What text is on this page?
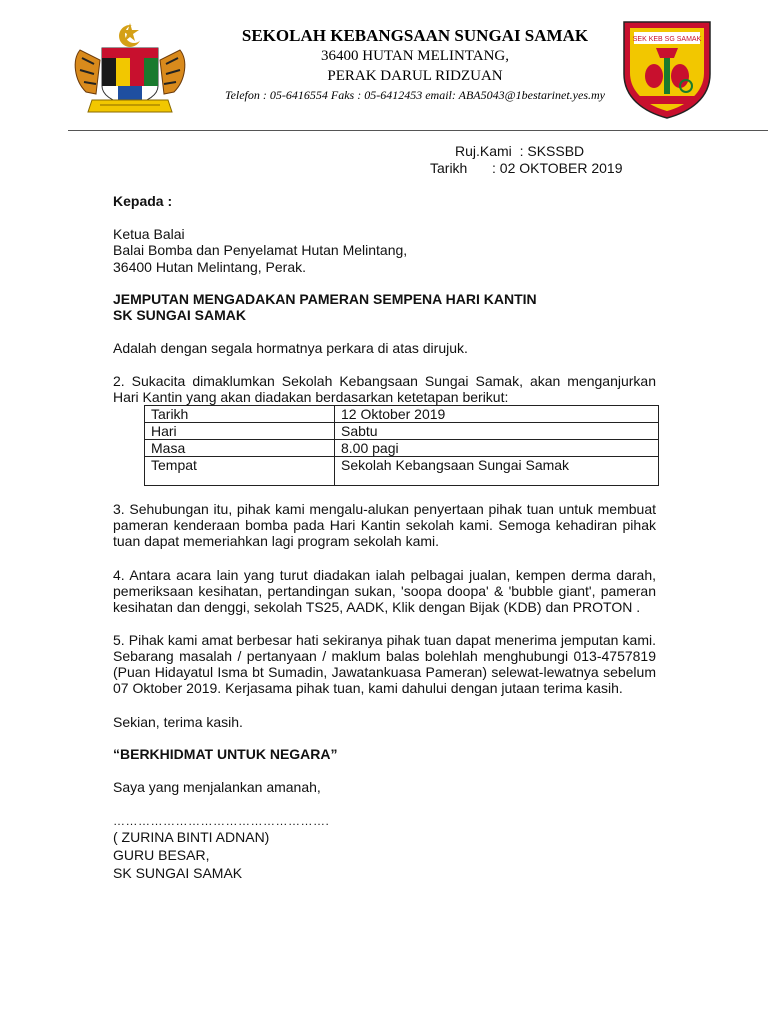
SEKOLAH KEBANGSAAN SUNGAI SAMAK
36400 HUTAN MELINTANG,
PERAK DARUL RIDZUAN
Telefon : 05-6416554 Faks : 05-6412453 email: ABA5043@1bestarinet.yes.my
SEK KEB SG SAMAK
Ruj.Kami : SKSSBD
Tarikh : 02 OKTOBER 2019
Kepada :
Ketua Balai
Balai Bomba dan Penyelamat Hutan Melintang,
36400 Hutan Melintang, Perak.
JEMPUTAN MENGADAKAN PAMERAN SEMPENA HARI KANTIN
SK SUNGAI SAMAK
Adalah dengan segala hormatnya perkara di atas dirujuk.
2. Sukacita dimaklumkan Sekolah Kebangsaan Sungai Samak, akan menganjurkan
Hari Kantin yang akan diadakan berdasarkan ketetapan berikut:
Tarikh	12 Oktober 2019
Hari	Sabtu
Masa	8.00 pagi
Tempat	Sekolah Kebangsaan Sungai Samak
3. Sehubungan itu, pihak kami mengalu-alukan penyertaan pihak tuan untuk membuat pameran kenderaan bomba pada Hari Kantin sekolah kami. Semoga kehadiran pihak tuan dapat memeriahkan lagi program sekolah kami.
4. Antara acara lain yang turut diadakan ialah pelbagai jualan, kempen derma darah, pemeriksaan kesihatan, pertandingan sukan, 'soopa doopa' & 'bubble giant', pameran kesihatan dan denggi, sekolah TS25, AADK, Klik dengan Bijak (KDB) dan PROTON .
5. Pihak kami amat berbesar hati sekiranya pihak tuan dapat menerima jemputan kami. Sebarang masalah / pertanyaan / maklum balas bolehlah menghubungi 013-4757819 (Puan Hidayatul Isma bt Sumadin, Jawatankuasa Pameran) selewat-lewatnya sebelum 07 Oktober 2019. Kerjasama pihak tuan, kami dahului dengan jutaan terima kasih.
Sekian, terima kasih.
“BERKHIDMAT UNTUK NEGARA”
Saya yang menjalankan amanah,
…………………………………………….
( ZURINA BINTI ADNAN)
GURU BESAR,
SK SUNGAI SAMAK
